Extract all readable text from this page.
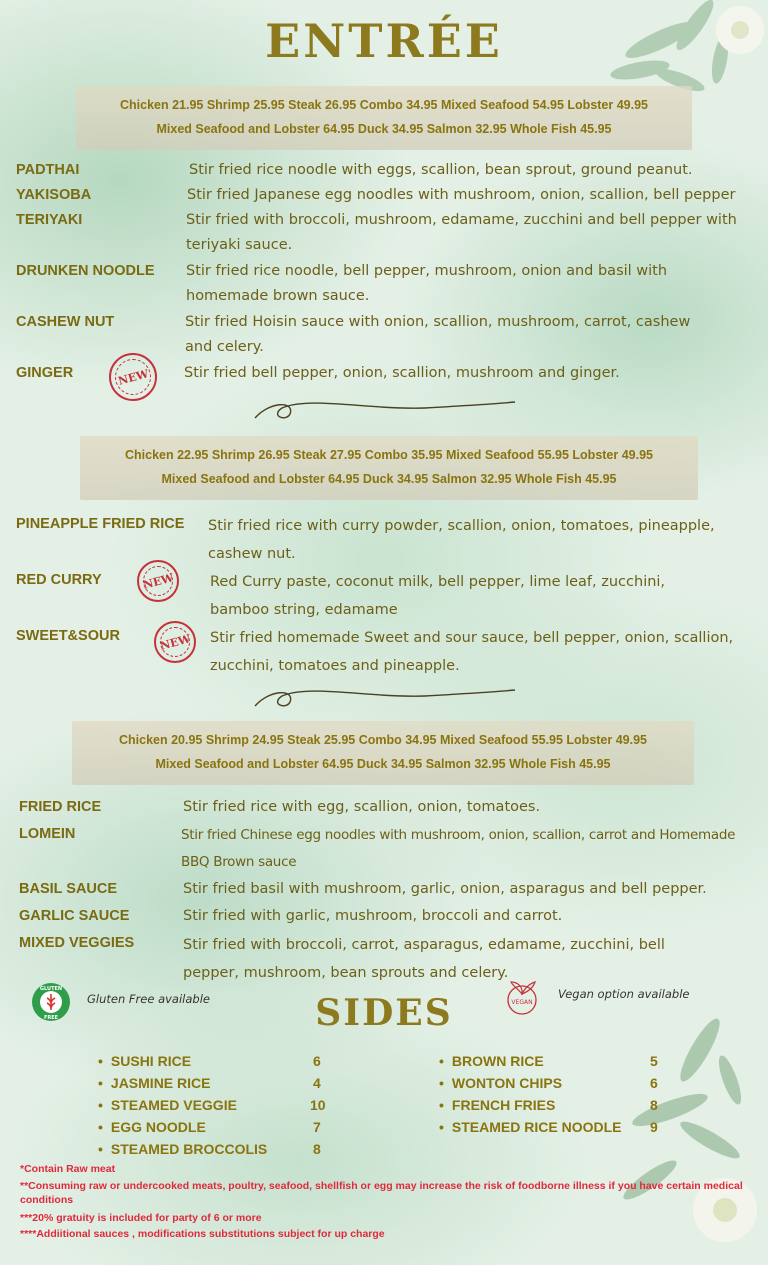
ENTRÉE
Chicken 21.95 Shrimp 25.95 Steak 26.95 Combo 34.95 Mixed Seafood 54.95 Lobster 49.95
Mixed Seafood and Lobster 64.95 Duck 34.95 Salmon 32.95 Whole Fish 45.95
PADTHAI	Stir fried rice noodle with eggs, scallion, bean sprout, ground peanut.
YAKISOBA	Stir fried Japanese egg noodles with mushroom, onion, scallion, bell pepper
TERIYAKI	Stir fried with broccoli, mushroom, edamame, zucchini and bell pepper with teriyaki sauce.
DRUNKEN NOODLE Stir fried rice noodle, bell pepper, mushroom, onion and basil with homemade brown sauce.
CASHEW NUT	Stir fried Hoisin sauce with onion, scallion, mushroom, carrot, cashew and celery.
GINGER	NEW Stir fried bell pepper, onion, scallion, mushroom and ginger.
Chicken 22.95 Shrimp 26.95 Steak 27.95 Combo 35.95 Mixed Seafood 55.95 Lobster 49.95
Mixed Seafood and Lobster 64.95 Duck 34.95 Salmon 32.95 Whole Fish 45.95
PINEAPPLE FRIED RICE Stir fried rice with curry powder, scallion, onion, tomatoes, pineapple, cashew nut.
RED CURRY	NEW Red Curry paste, coconut milk, bell pepper, lime leaf, zucchini, bamboo string, edamame
SWEET&SOUR	NEW Stir fried homemade Sweet and sour sauce, bell pepper, onion, scallion, zucchini, tomatoes and pineapple.
Chicken 20.95 Shrimp 24.95 Steak 25.95 Combo 34.95 Mixed Seafood 55.95 Lobster 49.95
Mixed Seafood and Lobster 64.95 Duck 34.95 Salmon 32.95 Whole Fish 45.95
FRIED RICE	Stir fried rice with egg, scallion, onion, tomatoes.
LOMEIN	Stir fried Chinese egg noodles with mushroom, onion, scallion, carrot and Homemade BBQ Brown sauce
BASIL SAUCE	Stir fried basil with mushroom, garlic, onion, asparagus and bell pepper.
GARLIC SAUCE	Stir fried with garlic, mushroom, broccoli and carrot.
MIXED VEGGIES	Stir fried with broccoli, carrot, asparagus, edamame, zucchini, bell pepper, mushroom, bean sprouts and celery.
GLUTEN
FREE
Gluten Free available	VEGAN
Vegan option available
SIDES
• SUSHI RICE	6
• JASMINE RICE	4
• STEAMED VEGGIE	10
• EGG NOODLE	7
• STEAMED BROCCOLIS	8
• BROWN RICE	5
• WONTON CHIPS	6
• FRENCH FRIES	8
• STEAMED RICE NOODLE 9
*Contain Raw meat
**Consuming raw or undercooked meats, poultry, seafood, shellfish or egg may increase the risk of foodborne illness if you have certain medical conditions
***20% gratuity is included for party of 6 or more
****Addiitional sauces , modifications substitutions subject for up charge
